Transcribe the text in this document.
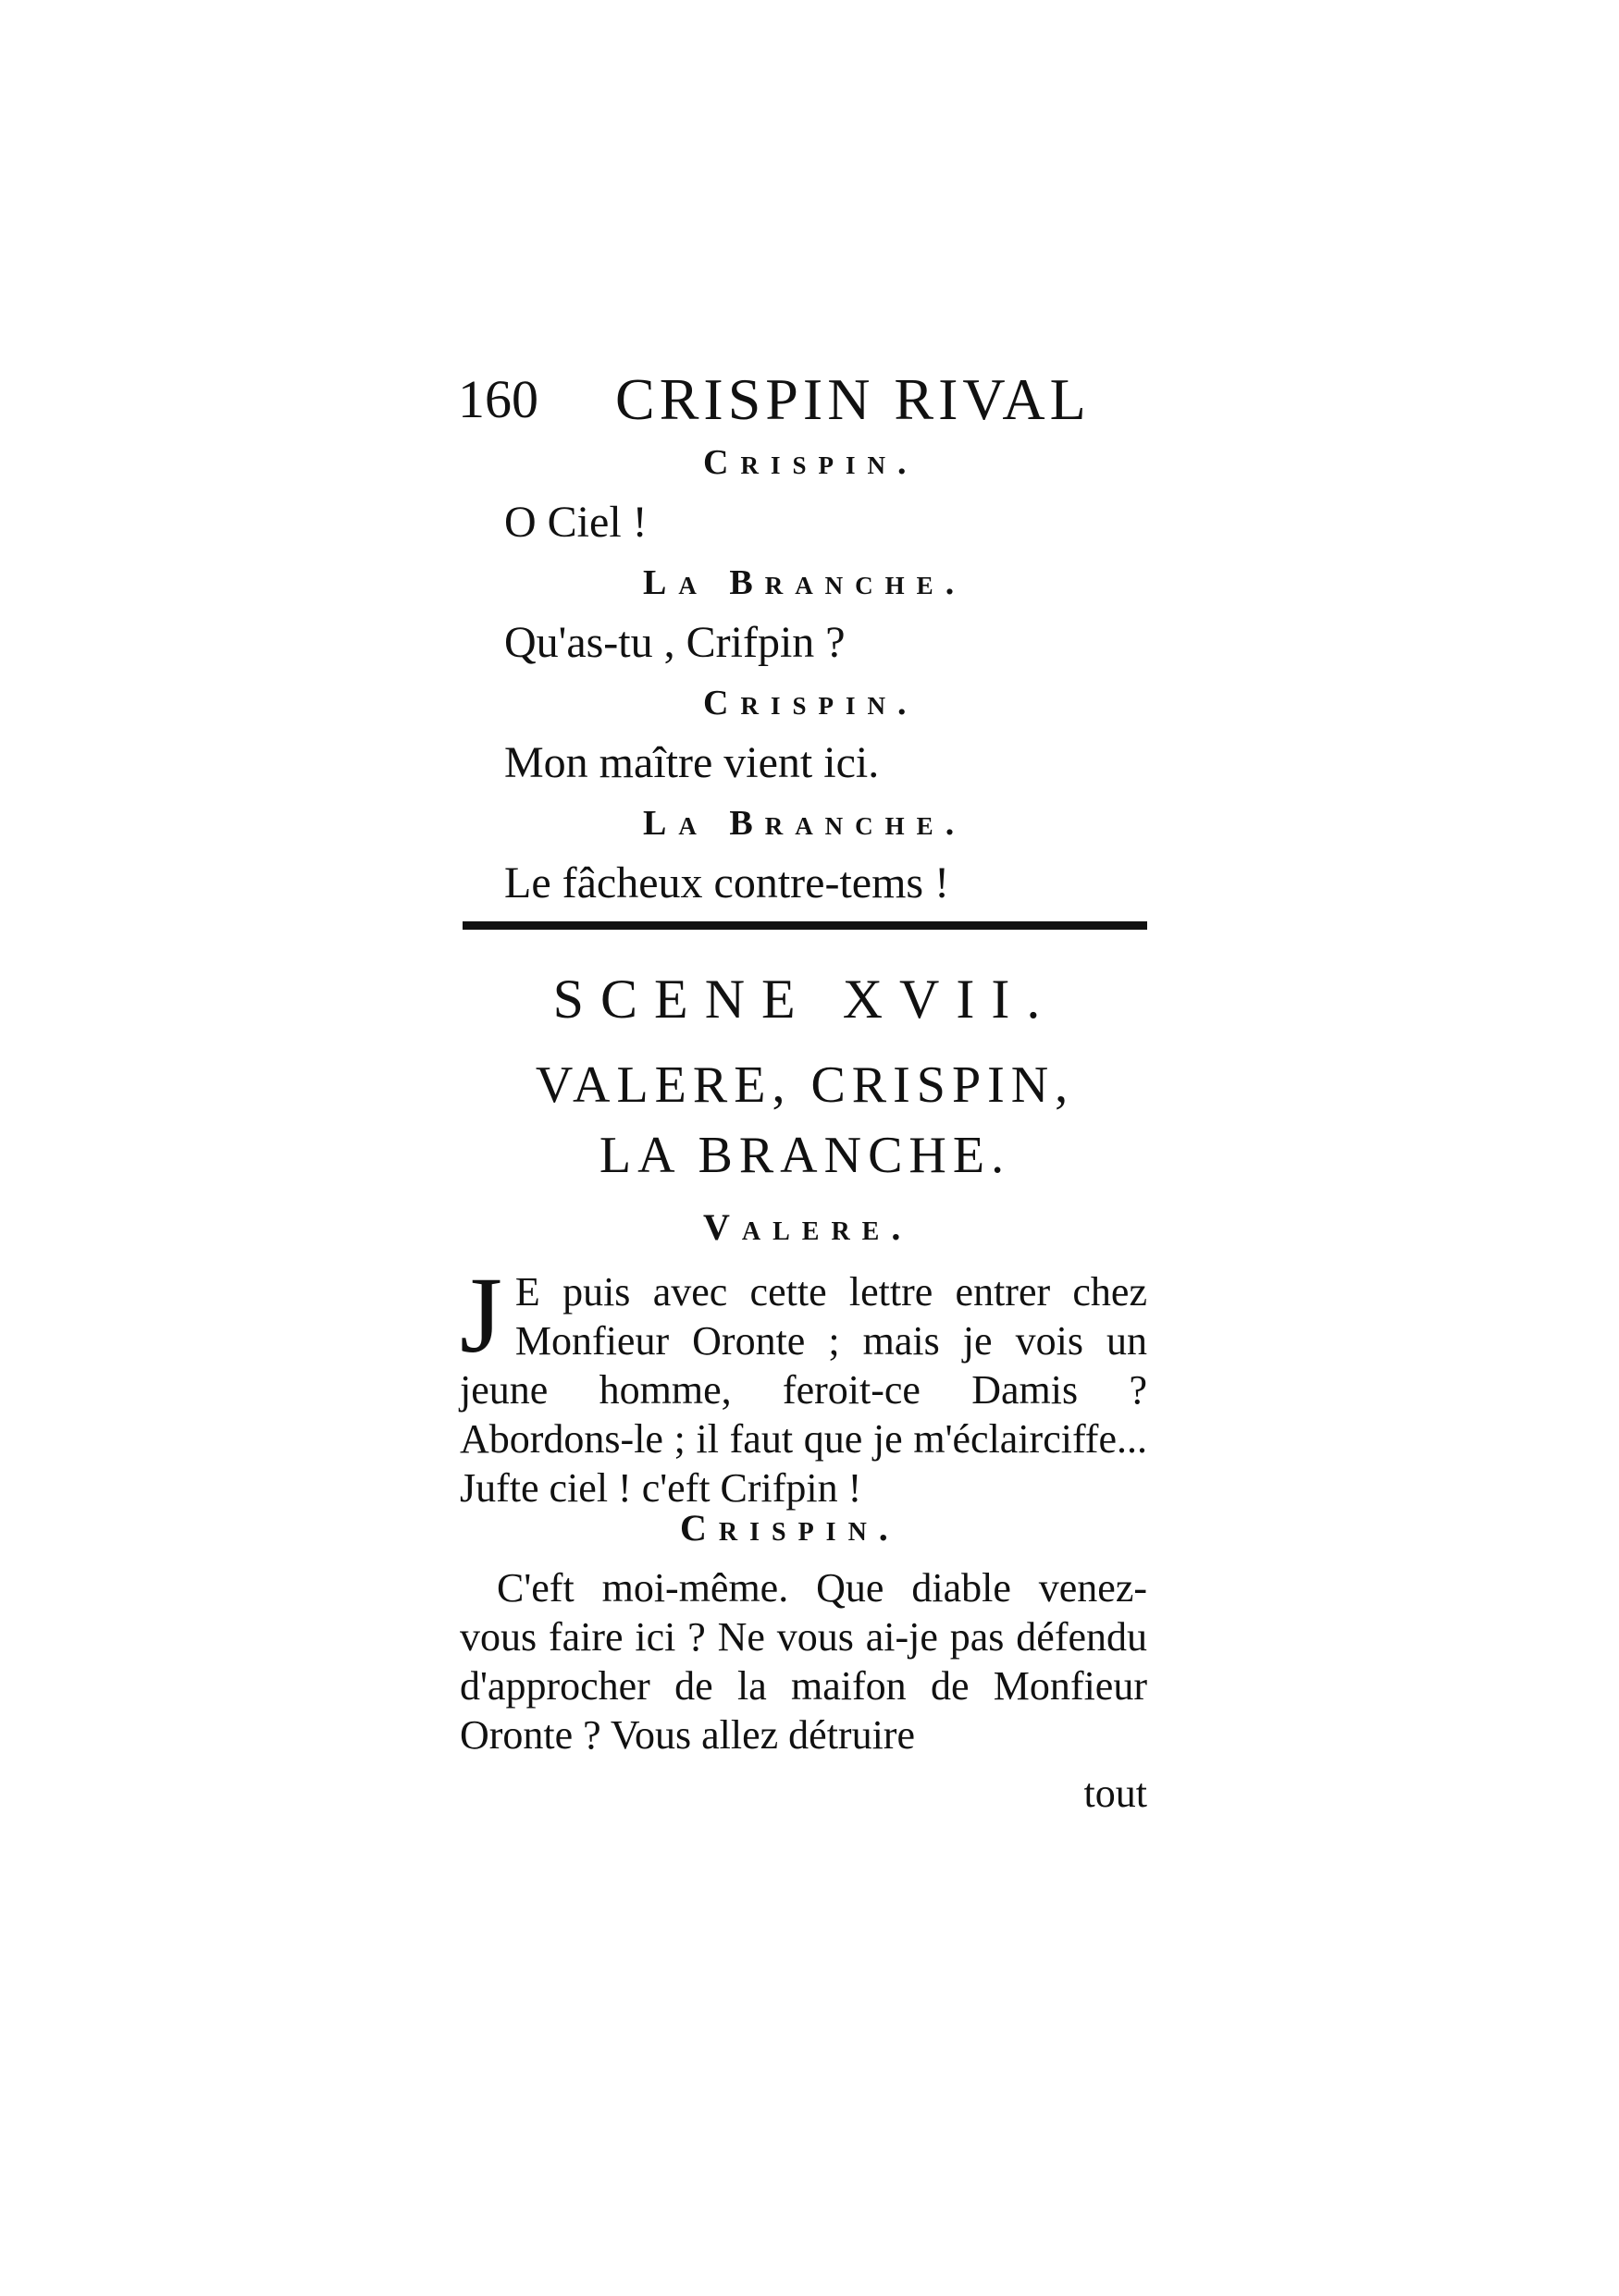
160 CRISPIN RIVAL
Crispin.
O Ciel !
La Branche.
Qu'as-tu , Crifpin ?
Crispin.
Mon maître vient ici.
La Branche.
Le fâcheux contre-tems !
SCENE XVII.
VALERE, CRISPIN,
LA BRANCHE.
Valere.
J E puis avec cette lettre entrer chez Monfieur Oronte ; mais je vois un jeune homme, feroit-ce Damis ? Abordons-le ; il faut que je m'éclairciffe... Jufte ciel ! c'eft Crifpin !
Crispin.
C'eft moi-même. Que diable venez-vous faire ici ? Ne vous ai-je pas défendu d'approcher de la maifon de Monfieur Oronte ? Vous allez détruire
tout
